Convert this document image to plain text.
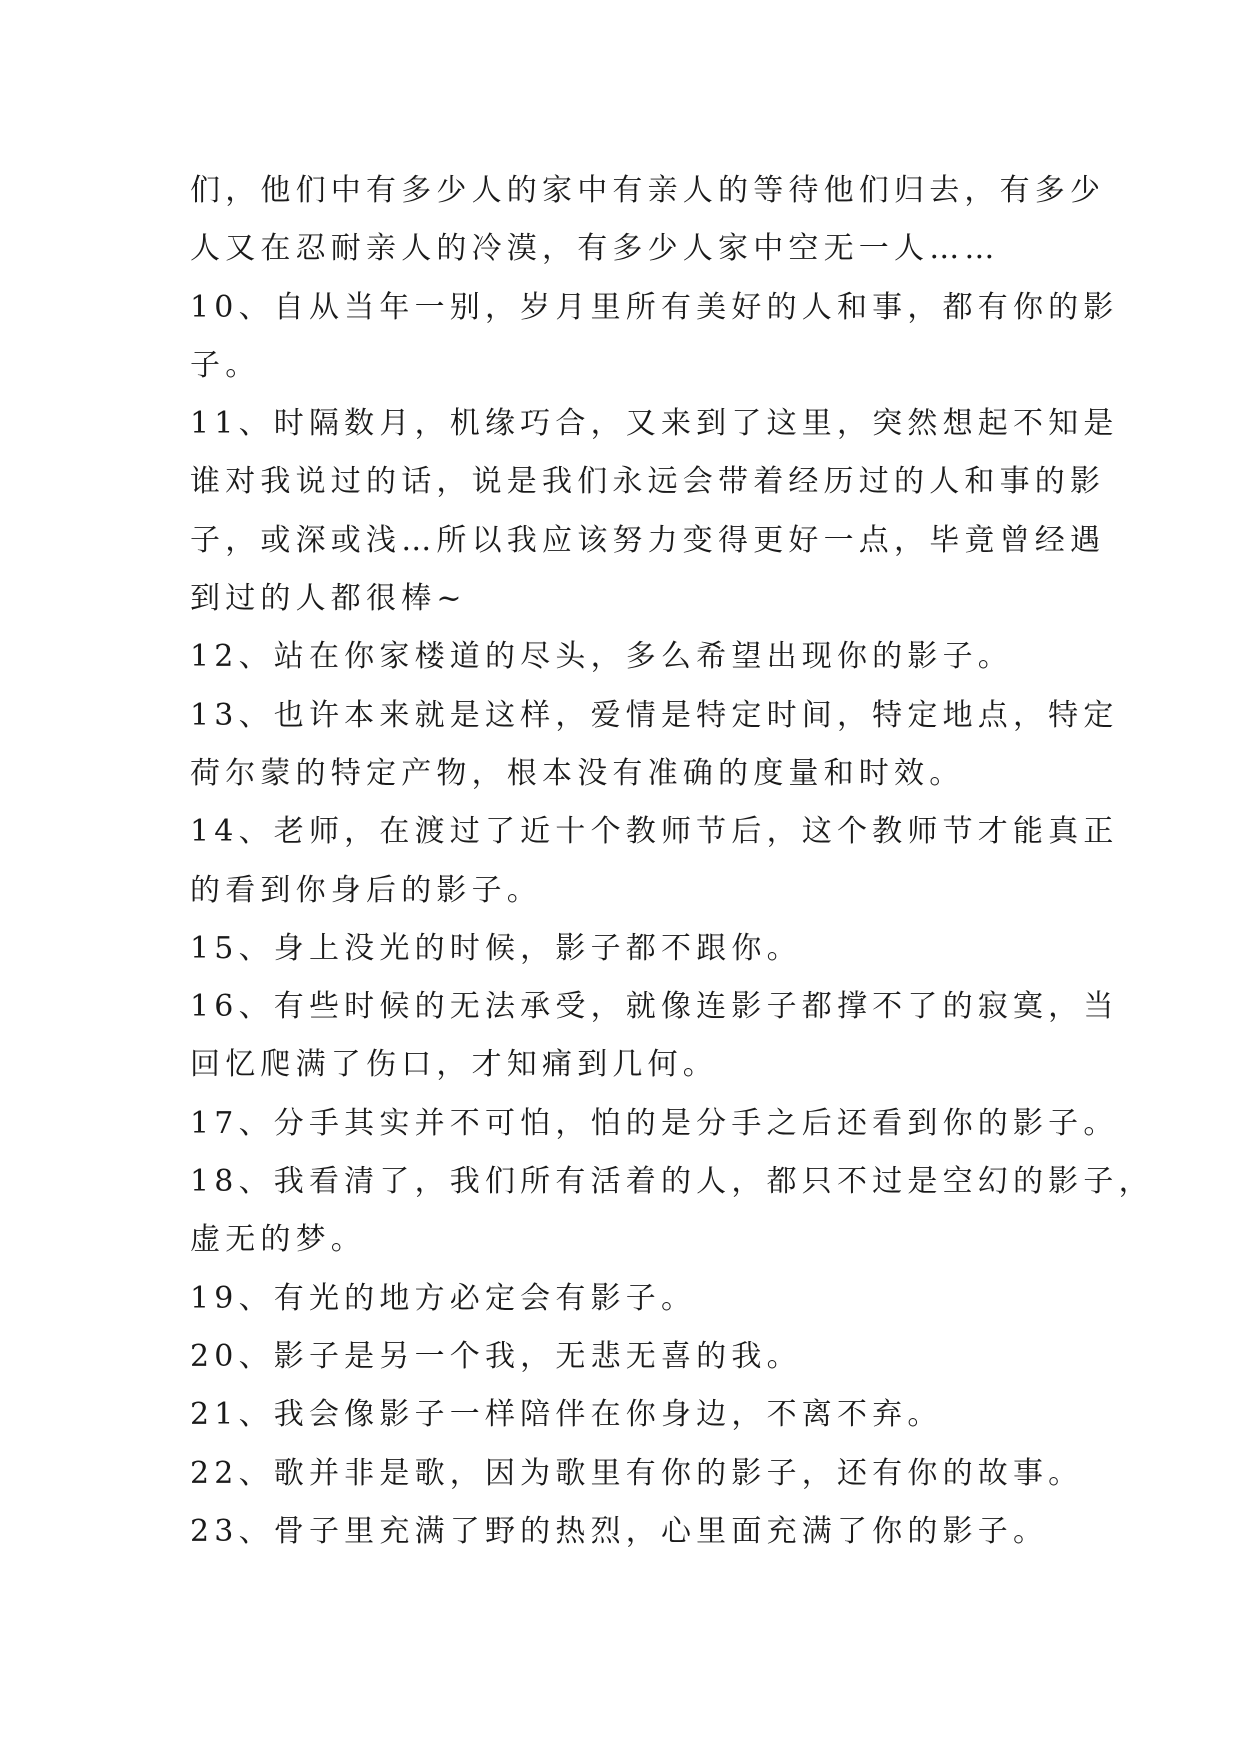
们，他们中有多少人的家中有亲人的等待他们归去，有多少
人又在忍耐亲人的冷漠，有多少人家中空无一人……
10、自从当年一别，岁月里所有美好的人和事，都有你的影
子。
11、时隔数月，机缘巧合，又来到了这里，突然想起不知是
谁对我说过的话，说是我们永远会带着经历过的人和事的影
子，或深或浅…所以我应该努力变得更好一点，毕竟曾经遇
到过的人都很棒~
12、站在你家楼道的尽头，多么希望出现你的影子。
13、也许本来就是这样，爱情是特定时间，特定地点，特定
荷尔蒙的特定产物，根本没有准确的度量和时效。
14、老师，在渡过了近十个教师节后，这个教师节才能真正
的看到你身后的影子。
15、身上没光的时候，影子都不跟你。
16、有些时候的无法承受，就像连影子都撑不了的寂寞，当
回忆爬满了伤口，才知痛到几何。
17、分手其实并不可怕，怕的是分手之后还看到你的影子。
18、我看清了，我们所有活着的人，都只不过是空幻的影子，
虚无的梦。
19、有光的地方必定会有影子。
20、影子是另一个我，无悲无喜的我。
21、我会像影子一样陪伴在你身边，不离不弃。
22、歌并非是歌，因为歌里有你的影子，还有你的故事。
23、骨子里充满了野的热烈，心里面充满了你的影子。
